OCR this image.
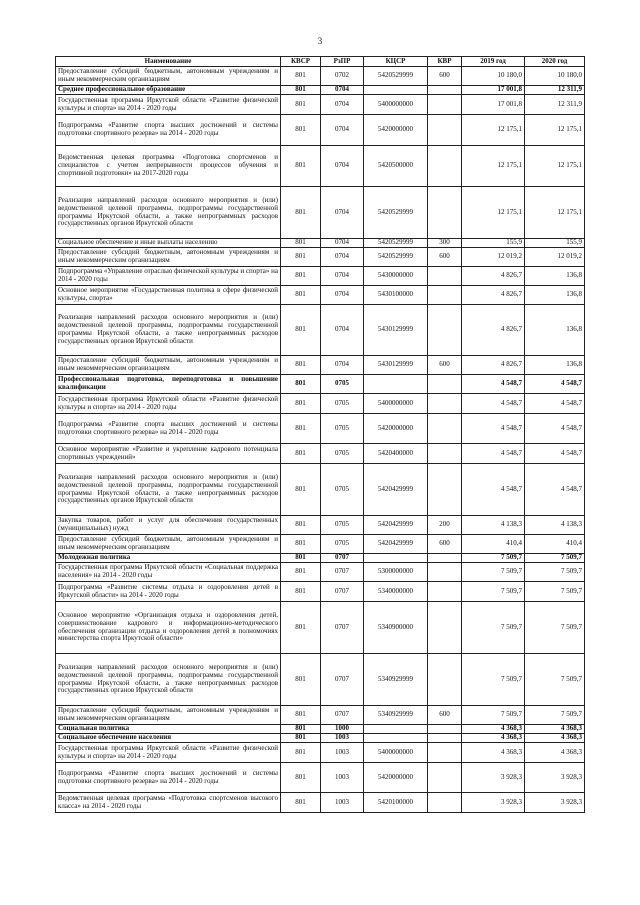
3
Наименование	КВСР	РзПР	КЦСР	КВР	2019 год	2020 год
Предоставление субсидий бюджетным, автономным учреждениям и иным некоммерческим организациям	801	0702	5420529999	600	10 180,0	10 180,0
Среднее профессиональное образование	801	0704			17 001,8	12 311,9
Государственная программа Иркутской области «Развитие физической культуры и спорта» на 2014 - 2020 годы	801	0704	5400000000		17 001,8	12 311,9
Подпрограмма «Развитие спорта высших достижений и системы подготовки спортивного резерва» на 2014 - 2020 годы	801	0704	5420000000		12 175,1	12 175,1
Ведомственная целевая программа «Подготовка спортсменов и специалистов с учетом непрерывности процессов обучения и спортивной подготовки» на 2017-2020 годы	801	0704	5420500000		12 175,1	12 175,1
Реализация направлений расходов основного мероприятия и (или) ведомственной целевой программы, подпрограммы государственной программы Иркутской области, а также непрограммных расходов государственных органов Иркутской области	801	0704	5420529999		12 175,1	12 175,1
Социальное обеспечение и иные выплаты населению	801	0704	5420529999	300	155,9	155,9
Предоставление субсидий бюджетным, автономным учреждениям и иным некоммерческим организациям	801	0704	5420529999	600	12 019,2	12 019,2
Подпрограмма «Управление отраслью физической культуры и спорта» на 2014 - 2020 годы	801	0704	5430000000		4 826,7	136,8
Основное мероприятие «Государственная политика в сфере физической культуры, спорта»	801	0704	5430100000		4 826,7	136,8
Реализация направлений расходов основного мероприятия и (или) ведомственной целевой программы, подпрограммы государственной программы Иркутской области, а также непрограммных расходов государственных органов Иркутской области	801	0704	5430129999		4 826,7	136,8
Предоставление субсидий бюджетным, автономным учреждениям и иным некоммерческим организациям	801	0704	5430129999	600	4 826,7	136,8
Профессиональная подготовка, переподготовка и повышение квалификации	801	0705			4 548,7	4 548,7
Государственная программа Иркутской области «Развитие физической культуры и спорта» на 2014 - 2020 годы	801	0705	5400000000		4 548,7	4 548,7
Подпрограмма «Развитие спорта высших достижений и системы подготовки спортивного резерва» на 2014 - 2020 годы	801	0705	5420000000		4 548,7	4 548,7
Основное мероприятие «Развитие и укрепление кадрового потенциала спортивных учреждений»	801	0705	5420400000		4 548,7	4 548,7
Реализация направлений расходов основного мероприятия и (или) ведомственной целевой программы, подпрограммы государственной программы Иркутской области, а также непрограммных расходов государственных органов Иркутской области	801	0705	5420429999		4 548,7	4 548,7
Закупка товаров, работ и услуг для обеспечения государственных (муниципальных) нужд	801	0705	5420429999	200	4 138,3	4 138,3
Предоставление субсидий бюджетным, автономным учреждениям и иным некоммерческим организациям	801	0705	5420429999	600	410,4	410,4
Молодежная политика	801	0707			7 509,7	7 509,7
Государственная программа Иркутской области «Социальная поддержка населения» на 2014 - 2020 годы	801	0707	5300000000		7 509,7	7 509,7
Подпрограмма «Развитие системы отдыха и оздоровления детей в Иркутской области» на 2014 - 2020 годы	801	0707	5340000000		7 509,7	7 509,7
Основное мероприятие «Организация отдыха и оздоровления детей, совершенствование кадрового и информационно-методического обеспечения организации отдыха и оздоровления детей в полномочиях министерства спорта Иркутской области»	801	0707	5340900000		7 509,7	7 509,7
Реализация направлений расходов основного мероприятия и (или) ведомственной целевой программы, подпрограммы государственной программы Иркутской области, а также непрограммных расходов государственных органов Иркутской области	801	0707	5340929999		7 509,7	7 509,7
Предоставление субсидий бюджетным, автономным учреждениям и иным некоммерческим организациям	801	0707	5340929999	600	7 509,7	7 509,7
Социальная политика	801	1000			4 368,3	4 368,3
Социальное обеспечение населения	801	1003			4 368,3	4 368,3
Государственная программа Иркутской области «Развитие физической культуры и спорта» на 2014 - 2020 годы	801	1003	5400000000		4 368,3	4 368,3
Подпрограмма «Развитие спорта высших достижений и системы подготовки спортивного резерва» на 2014 - 2020 годы	801	1003	5420000000		3 928,3	3 928,3
Ведомственная целевая программа «Подготовка спортсменов высокого класса» на 2014 - 2020 годы	801	1003	5420100000		3 928,3	3 928,3
